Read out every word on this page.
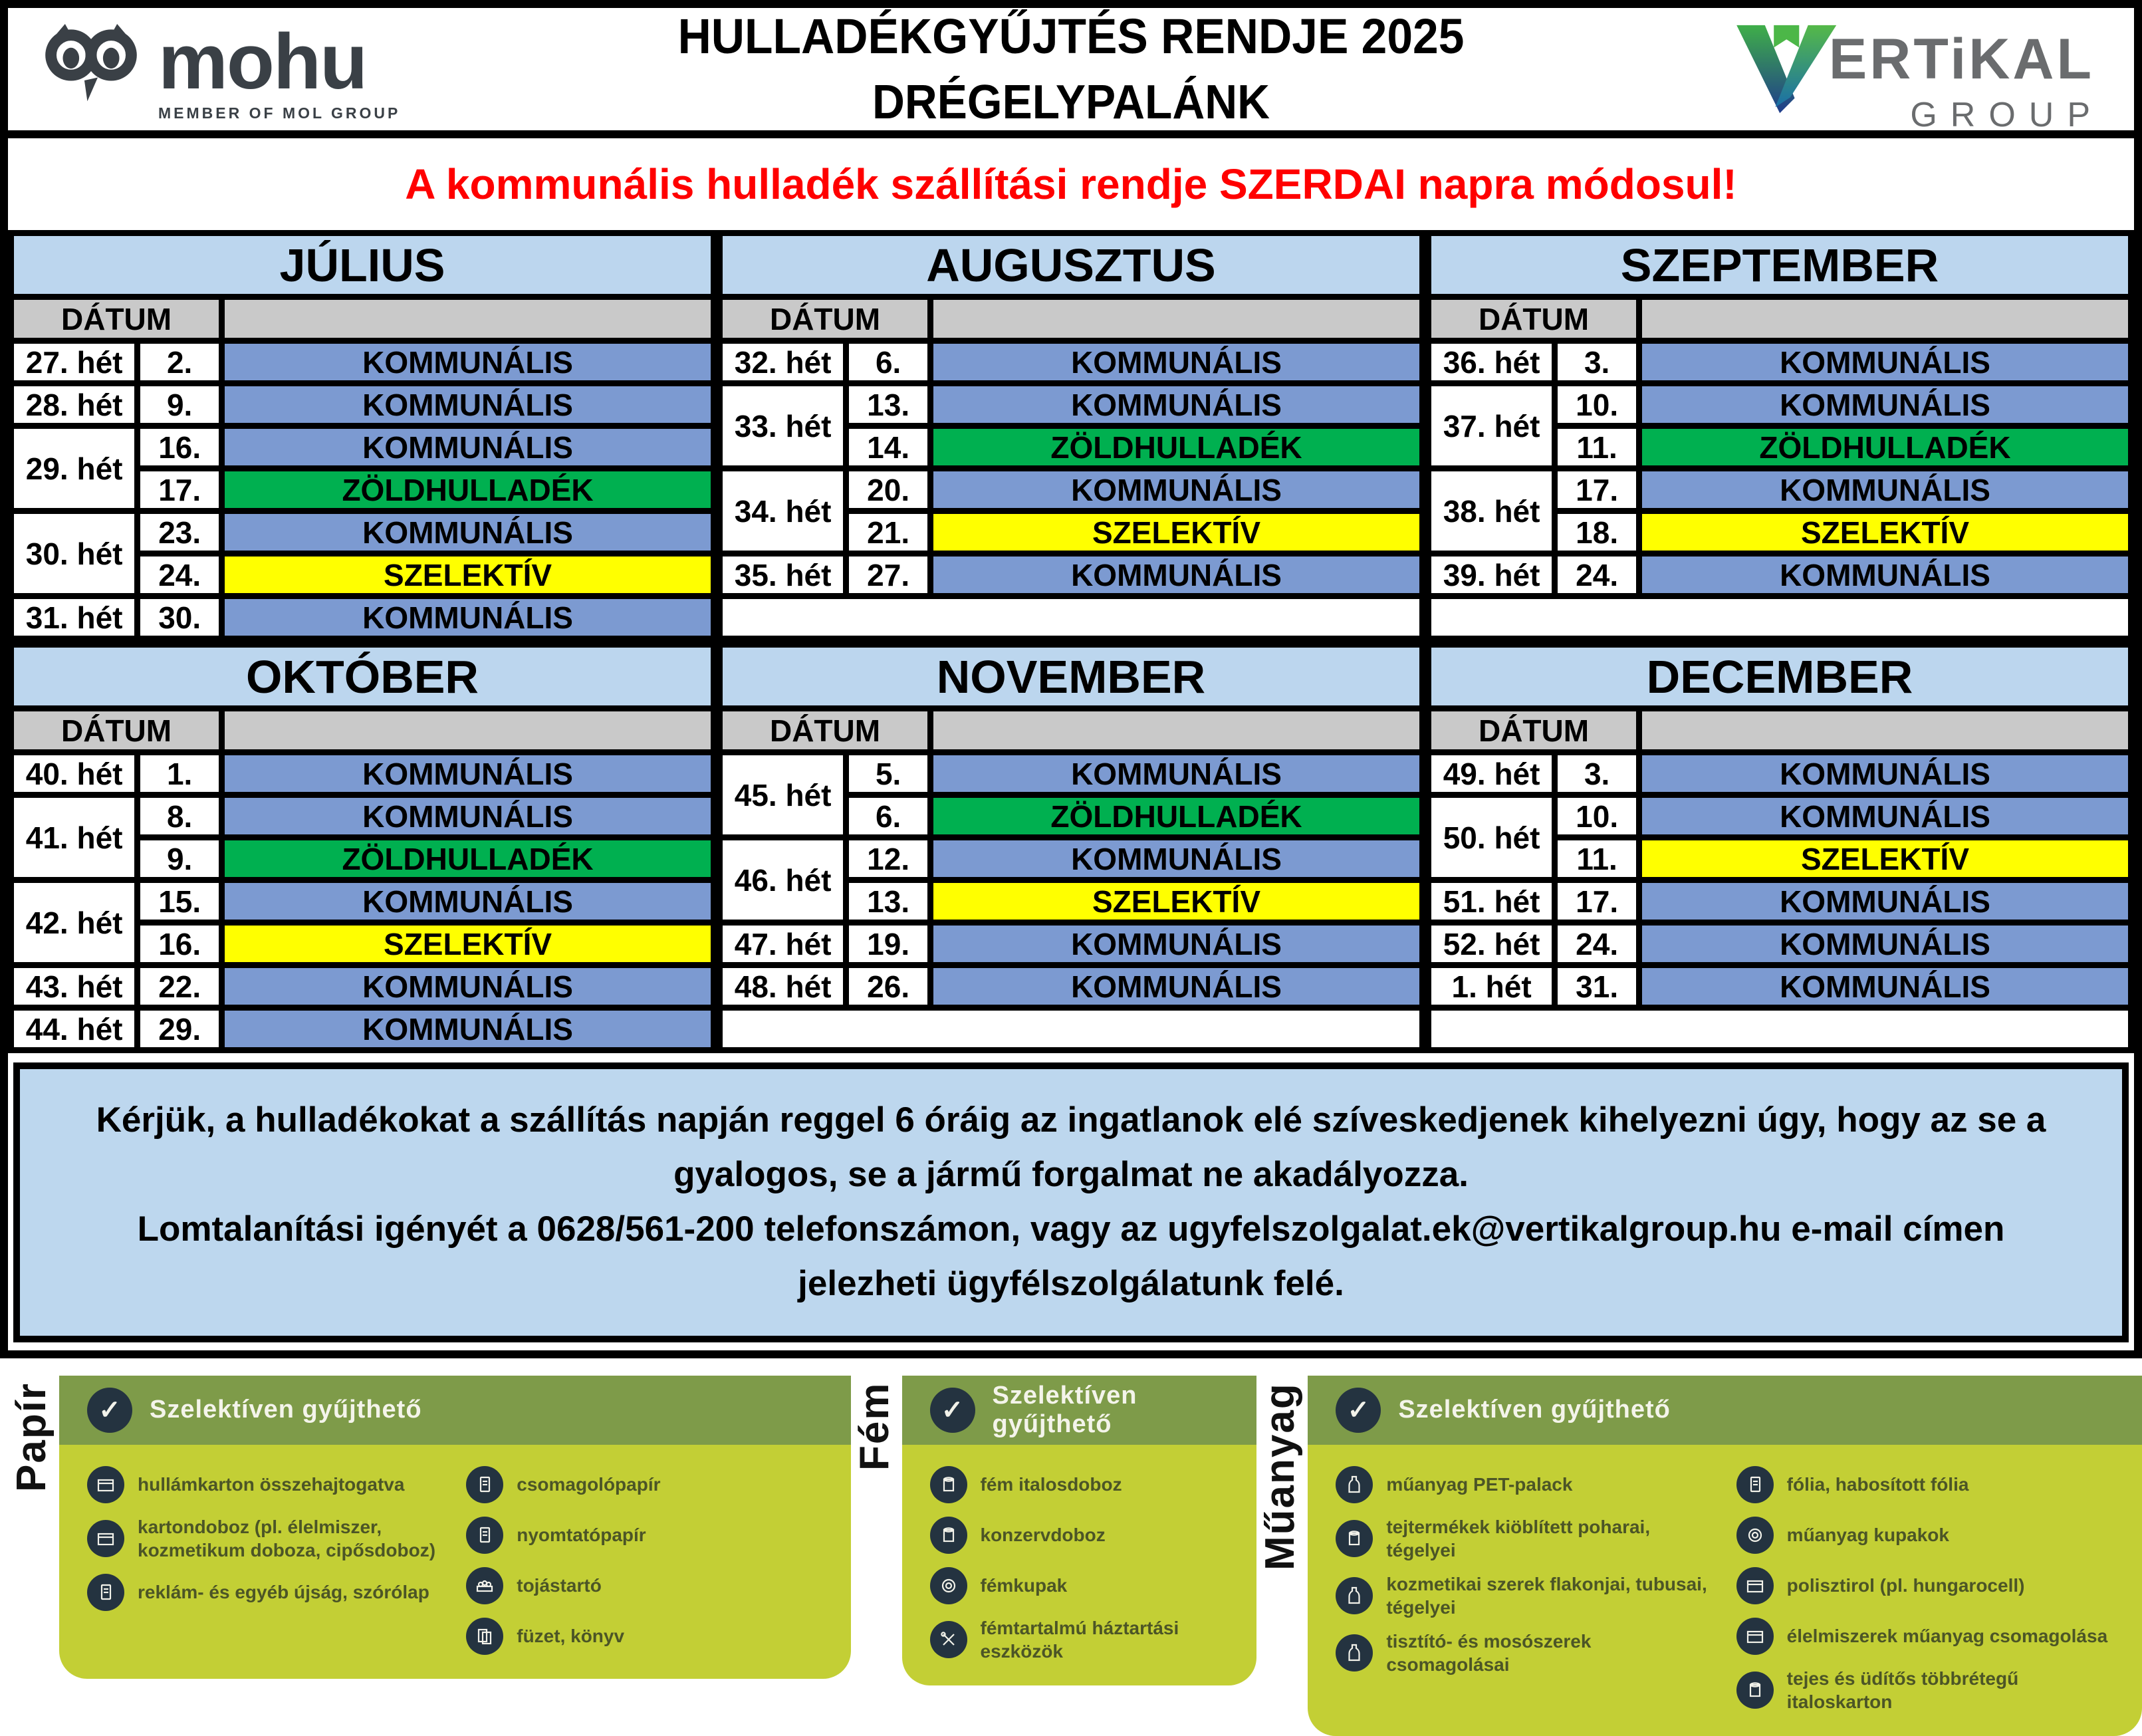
mohu
MEMBER OF MOL GROUP
HULLADÉKGYŰJTÉS RENDJE 2025
DRÉGELYPALÁNK
ERTiKAL
GROUP
A kommunális hulladék szállítási rendje SZERDAI napra módosul!
JÚLIUS		
DÁTUM		
27. hét	2.	KOMMUNÁLIS
28. hét	9.	KOMMUNÁLIS
29. hét	16.	KOMMUNÁLIS
	17.	ZÖLDHULLADÉK
30. hét	23.	KOMMUNÁLIS
	24.	SZELEKTÍV
31. hét	30.	KOMMUNÁLIS
AUGUSZTUS		
DÁTUM		
32. hét	6.	KOMMUNÁLIS
33. hét	13.	KOMMUNÁLIS
	14.	ZÖLDHULLADÉK
34. hét	20.	KOMMUNÁLIS
	21.	SZELEKTÍV
35. hét	27.	KOMMUNÁLIS

SZEPTEMBER		
DÁTUM		
36. hét	3.	KOMMUNÁLIS
37. hét	10.	KOMMUNÁLIS
	11.	ZÖLDHULLADÉK
38. hét	17.	KOMMUNÁLIS
	18.	SZELEKTÍV
39. hét	24.	KOMMUNÁLIS

OKTÓBER		
DÁTUM		
40. hét	1.	KOMMUNÁLIS
41. hét	8.	KOMMUNÁLIS
	9.	ZÖLDHULLADÉK
42. hét	15.	KOMMUNÁLIS
	16.	SZELEKTÍV
43. hét	22.	KOMMUNÁLIS
44. hét	29.	KOMMUNÁLIS
NOVEMBER		
DÁTUM		
45. hét	5.	KOMMUNÁLIS
	6.	ZÖLDHULLADÉK
46. hét	12.	KOMMUNÁLIS
	13.	SZELEKTÍV
47. hét	19.	KOMMUNÁLIS
48. hét	26.	KOMMUNÁLIS

DECEMBER		
DÁTUM		
49. hét	3.	KOMMUNÁLIS
50. hét	10.	KOMMUNÁLIS
	11.	SZELEKTÍV
51. hét	17.	KOMMUNÁLIS
52. hét	24.	KOMMUNÁLIS
1. hét	31.	KOMMUNÁLIS

Kérjük, a hulladékokat a szállítás napján reggel 6 óráig az ingatlanok elé szíveskedjenek kihelyezni úgy, hogy az se a gyalogos, se a jármű forgalmat ne akadályozza.

Lomtalanítási igényét a 0628/561-200 telefonszámon, vagy az ugyfelszolgalat.ek@vertikalgroup.hu e-mail címen jelezheti ügyfélszolgálatunk felé.

Papír	✓	Szelektíven gyűjthető
hullámkarton összehajtogatva
kartondoboz (pl. élelmiszer, kozmetikum doboza, cipősdoboz)
reklám- és egyéb újság, szórólap
csomagolópapír
nyomtatópapír
tojástartó
füzet, könyv
Fém	✓	Szelektíven gyűjthető
fém italosdoboz
konzervdoboz
fémkupak
fémtartalmú háztartási eszközök
Műanyag	✓	Szelektíven gyűjthető
műanyag PET-palack
tejtermékek kiöblített poharai, tégelyei
kozmetikai szerek flakonjai, tubusai, tégelyei
tisztító- és mosószerek csomagolásai
fólia, habosított fólia
műanyag kupakok
polisztirol (pl. hungarocell)
élelmiszerek műanyag csomagolása
tejes és üdítős többrétegű italoskarton
